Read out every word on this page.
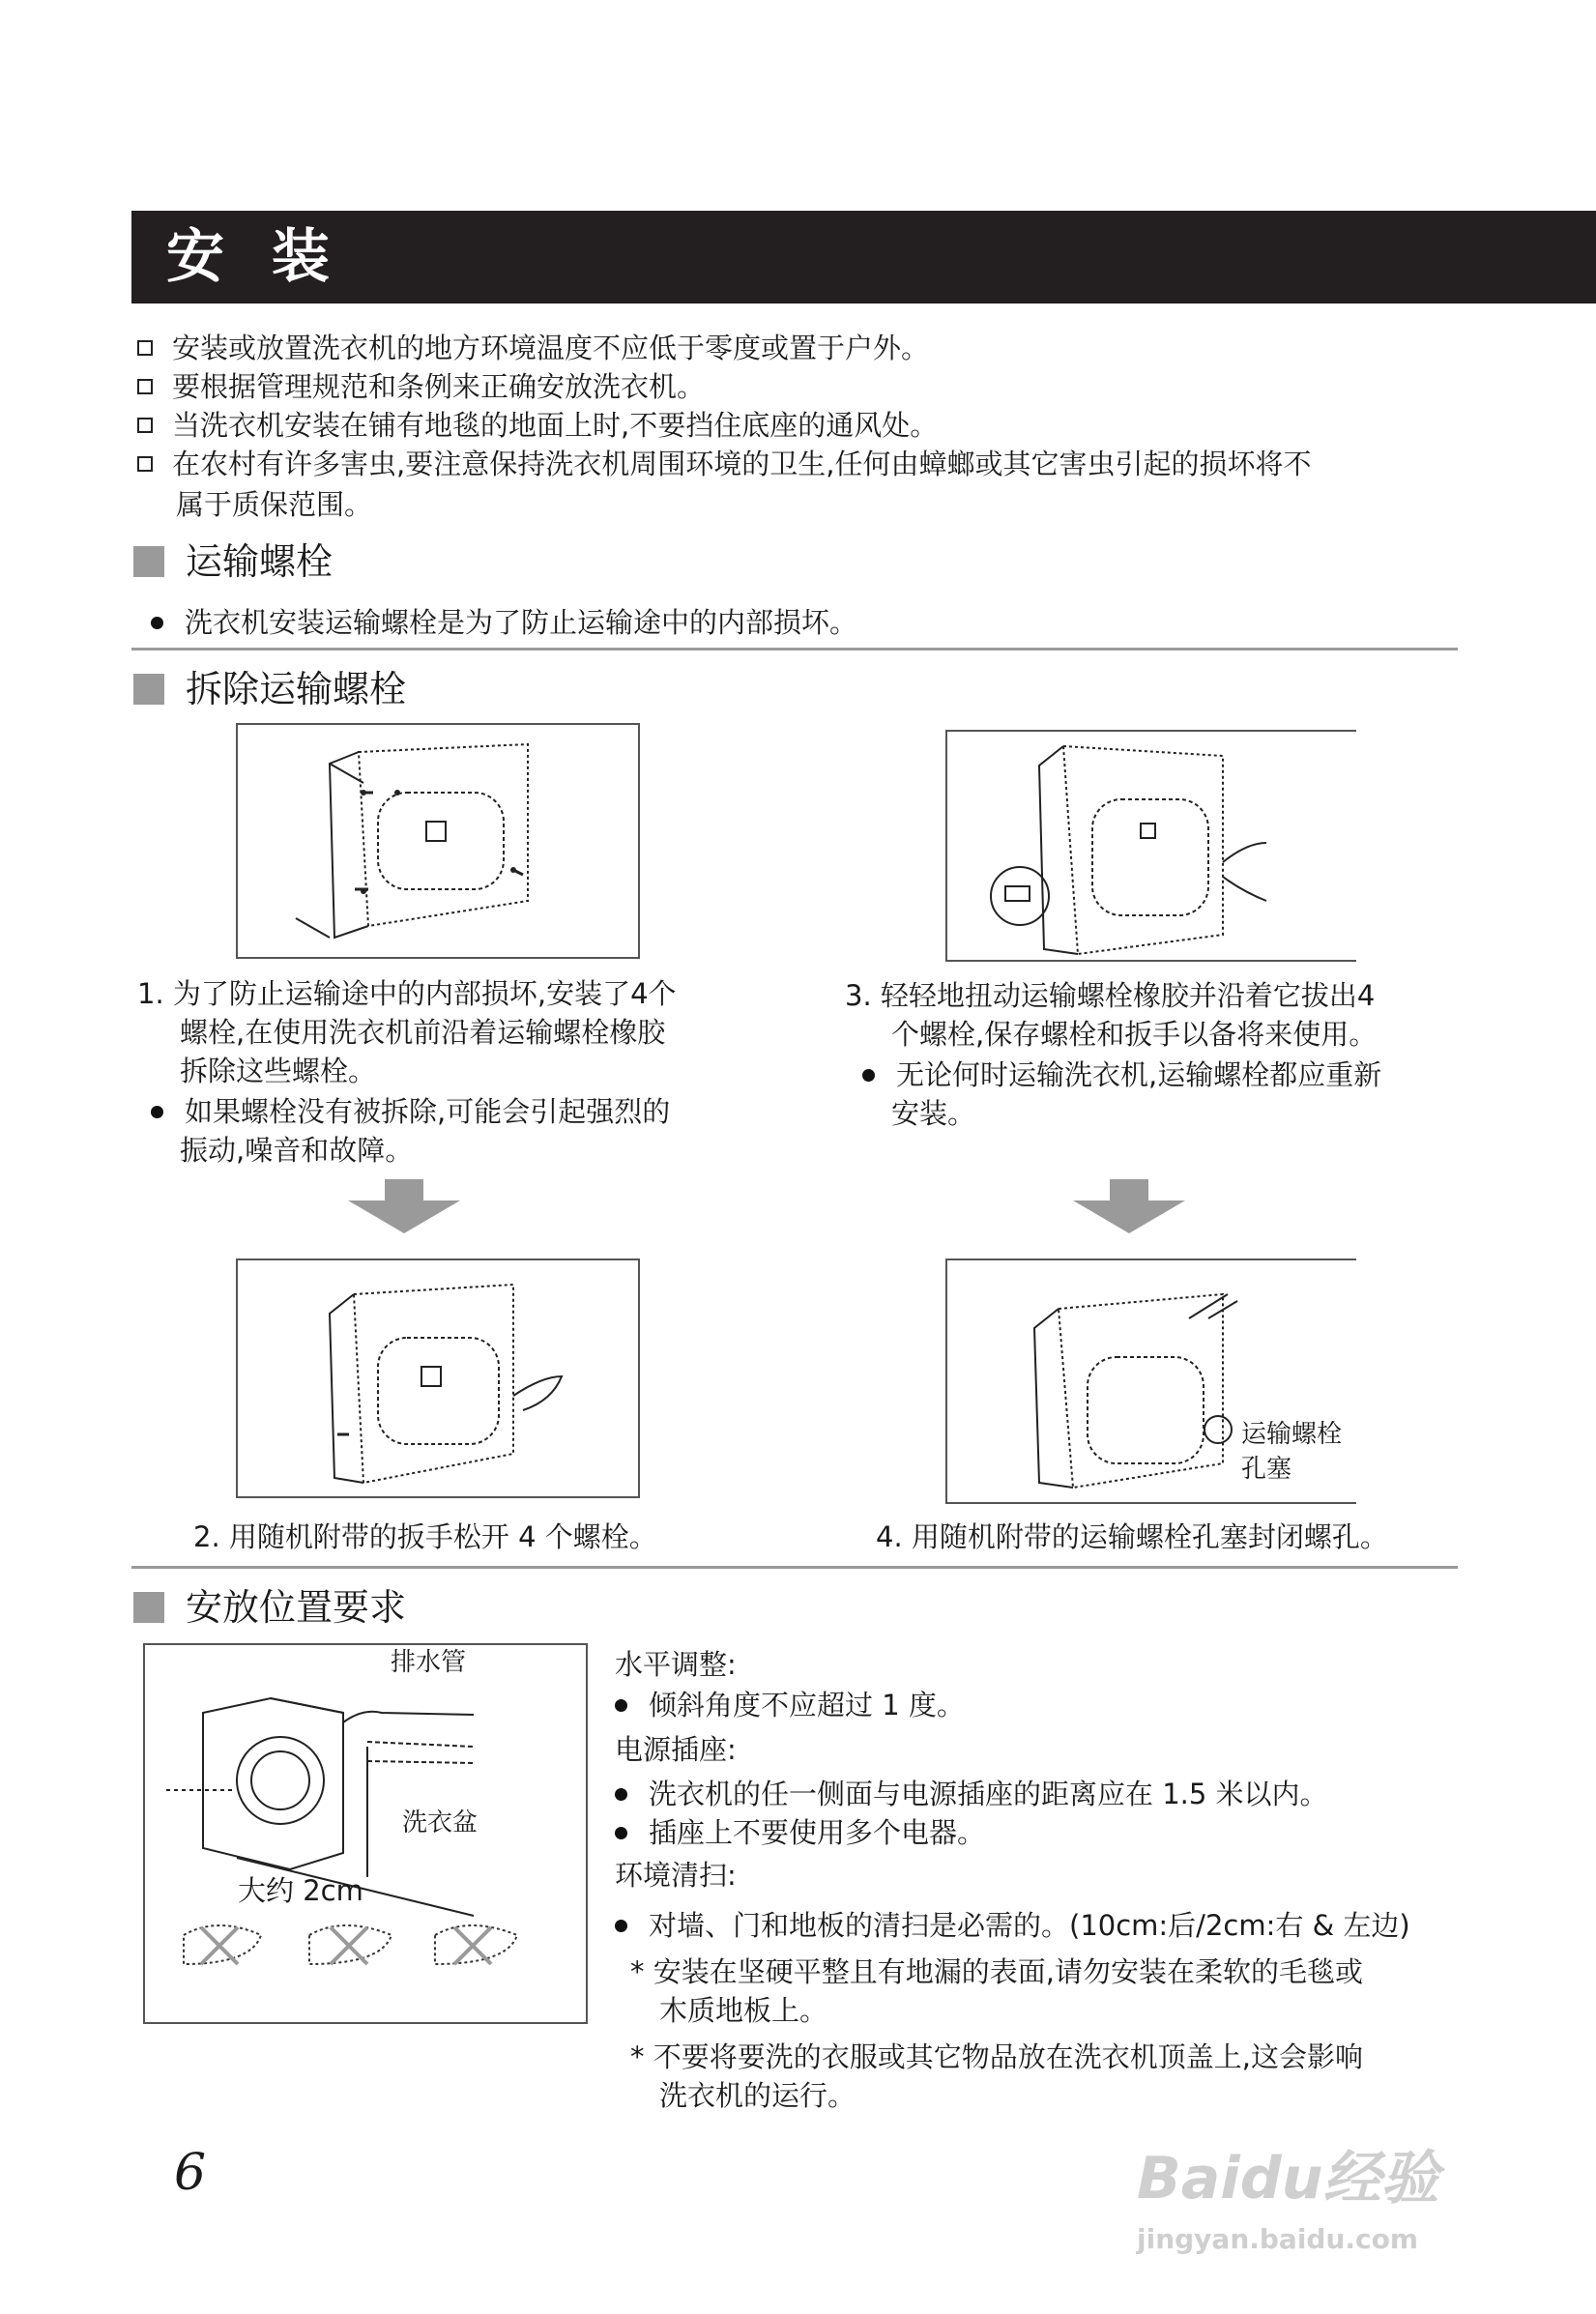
安 装
安装或放置洗衣机的地方环境温度不应低于零度或置于户外。
要根据管理规范和条例来正确安放洗衣机。
当洗衣机安装在铺有地毯的地面上时,不要挡住底座的通风处。
在农村有许多害虫,要注意保持洗衣机周围环境的卫生,任何由蟑螂或其它害虫引起的损坏将不
属于质保范围。
运输螺栓
洗衣机安装运输螺栓是为了防止运输途中的内部损坏。
拆除运输螺栓
1. 为了防止运输途中的内部损坏,安装了4个
螺栓,在使用洗衣机前沿着运输螺栓橡胶
拆除这些螺栓。
如果螺栓没有被拆除,可能会引起强烈的
振动,噪音和故障。
3. 轻轻地扭动运输螺栓橡胶并沿着它拔出4
个螺栓,保存螺栓和扳手以备将来使用。
无论何时运输洗衣机,运输螺栓都应重新
安装。
运输螺栓
孔塞
2. 用随机附带的扳手松开 4 个螺栓。	4. 用随机附带的运输螺栓孔塞封闭螺孔。
安放位置要求
排水管
洗衣盆
大约 2cm
水平调整:
倾斜角度不应超过 1 度。
电源插座:
洗衣机的任一侧面与电源插座的距离应在 1.5 米以内。
插座上不要使用多个电器。
环境清扫:
对墙、门和地板的清扫是必需的。(10cm:后/2cm:右 & 左边)
* 安装在坚硬平整且有地漏的表面,请勿安装在柔软的毛毯或
木质地板上。
* 不要将要洗的衣服或其它物品放在洗衣机顶盖上,这会影响
洗衣机的运行。
6	Baidu经验
jingyan.baidu.com
